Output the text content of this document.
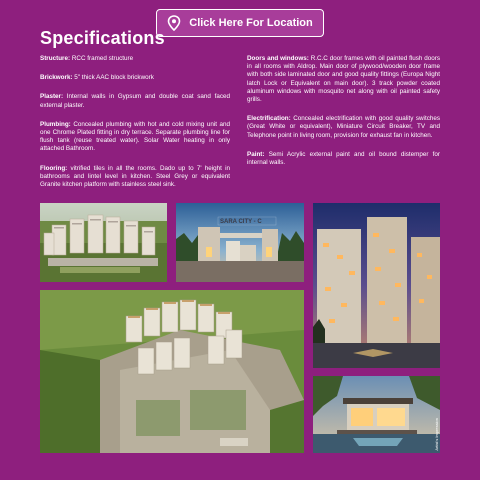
Click Here For Location
Specifications

Structure: RCC framed structure

Brickwork: 5" thick AAC block brickwork

Plaster: Internal walls in Gypsum and double coat sand faced external plaster.

Plumbing: Concealed plumbing with hot and cold mixing unit and one Chrome Plated fitting in dry terrace. Separate plumbing line for flush tank (reuse treated water). Solar Water heating in only attached Bathroom.

Flooring: vitrified tiles in all the rooms. Dado up to 7' height in bathrooms and lintel level in kitchen. Steel Grey or equivalent Granite kitchen platform with stainless steel sink.

Doors and windows: R.C.C door frames with oil painted flush doors in all rooms with Aldrop. Main door of plywood/wooden door frame with both side laminated door and good quality fittings (Europa Night latch Lock or Equivalent on main door). 3 track powder coated aluminum windows with mosquito net along with oil painted safety grills.

Electrification: Concealed electrification with good quality switches (Great White or equivalent), Miniature Circuit Breaker, TV and Telephone point in living room, provision for exhaust fan in kitchen.

Paint: Semi Acrylic external paint and oil bound distemper for internal walls.

SARA CITY - C
Artist's Impression
